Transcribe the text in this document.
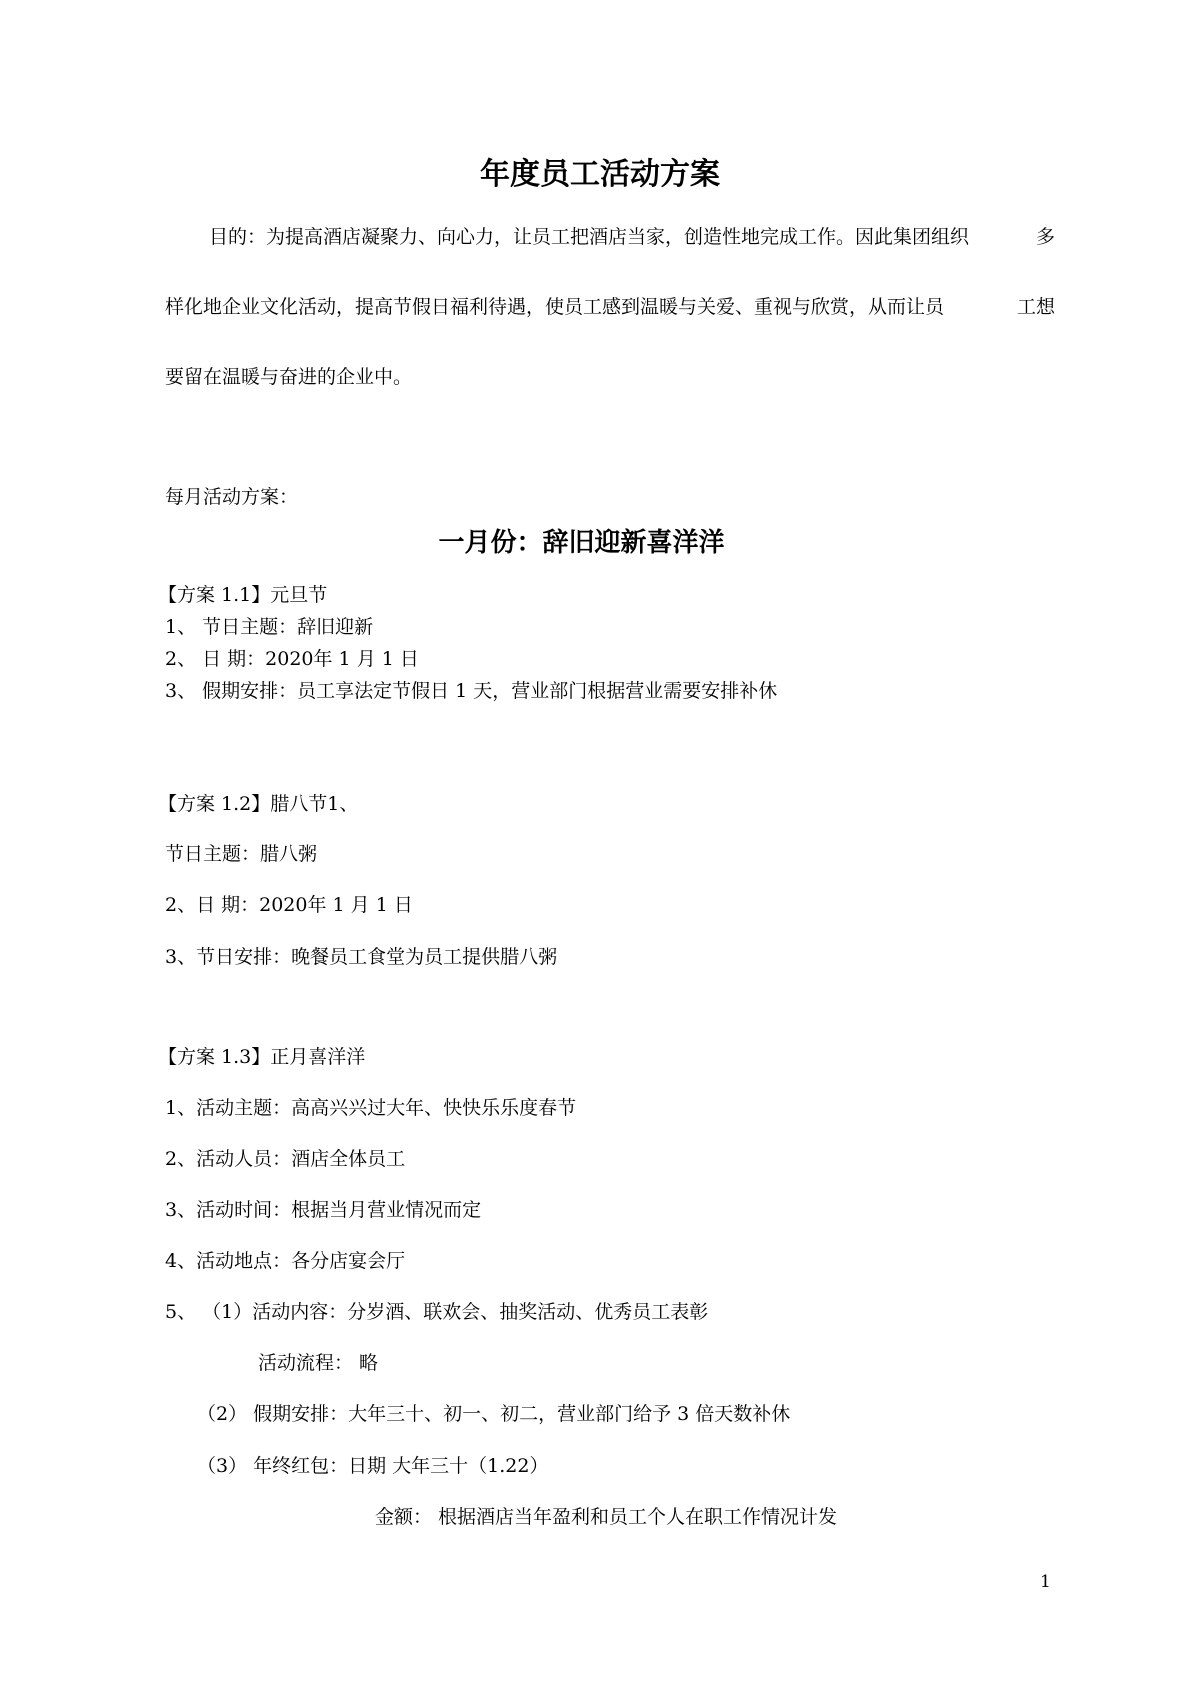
年度员工活动方案
目的：为提高酒店凝聚力、向心力，让员工把酒店当家，创造性地完成工作。因此集团组织	多
样化地企业文化活动，提高节假日福利待遇，使员工感到温暖与关爱、重视与欣赏，从而让员	工想
要留在温暖与奋进的企业中。
每月活动方案：
一月份：辞旧迎新喜洋洋
【方案 1.1】元旦节
1、 节日主题：辞旧迎新
2、 日 期：2020年 1 月 1 日
3、 假期安排：员工享法定节假日 1 天，营业部门根据营业需要安排补休
【方案 1.2】腊八节1、
节日主题：腊八粥
2、日 期：2020年 1 月 1 日
3、节日安排：晚餐员工食堂为员工提供腊八粥
【方案 1.3】正月喜洋洋
1、活动主题：高高兴兴过大年、快快乐乐度春节
2、活动人员：酒店全体员工
3、活动时间：根据当月营业情况而定
4、活动地点：各分店宴会厅
5、 （1）活动内容：分岁酒、联欢会、抽奖活动、优秀员工表彰
活动流程： 略
（2） 假期安排：大年三十、初一、初二，营业部门给予 3 倍天数补休
（3） 年终红包：日期 大年三十（1.22）
金额： 根据酒店当年盈利和员工个人在职工作情况计发
1
